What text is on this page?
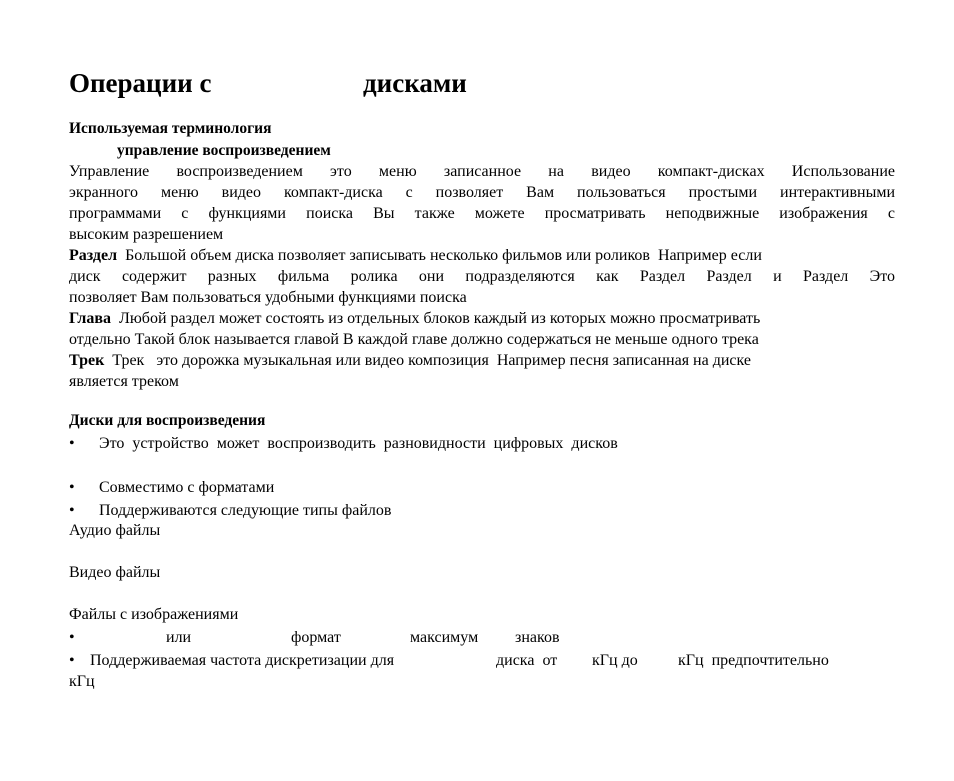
Операции с	дисками
Используемая терминология
управление воспроизведением
Управление воспроизведением это меню записанное на видео компакт-дисках Использование
экранного меню видео компакт-диска с позволяет Вам пользоваться простыми интерактивными
программами с функциями поиска Вы также можете просматривать неподвижные изображения с
высоким разрешением
Раздел Большой объем диска позволяет записывать несколько фильмов или роликов  Например если
диск содержит разных фильма ролика они подразделяются как Раздел Раздел и Раздел Это
позволяет Вам пользоваться удобными функциями поиска
Глава Любой раздел может состоять из отдельных блоков каждый из которых можно просматривать
отдельно Такой блок называется главой В каждой главе должно содержаться не меньше одного трека
Трек Трек   это дорожка музыкальная или видео композиция  Например песня записанная на диске
является треком
Диски для воспроизведения
• Это  устройство  может  воспроизводить  разновидности  цифровых  дисков
• Совместимо с форматами
• Поддерживаются следующие типы файлов
Аудио файлы
Видео файлы
Файлы с изображениями
•	или	формат	максимум знаков
• Поддерживаемая частота дискретизации для	диска  от кГц до	кГц  предпочтительно
кГц
